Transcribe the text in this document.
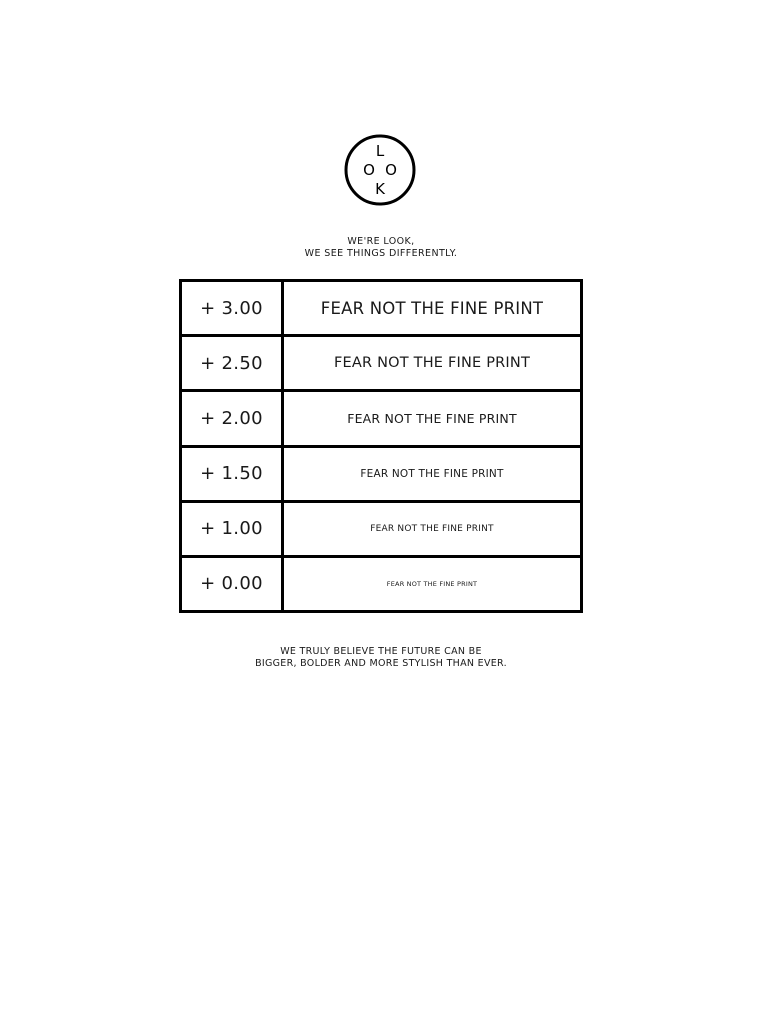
L
O O
K
WE'RE LOOK,
WE SEE THINGS DIFFERENTLY.
+ 3.00	FEAR NOT THE FINE PRINT
+ 2.50	FEAR NOT THE FINE PRINT
+ 2.00	FEAR NOT THE FINE PRINT
+ 1.50	FEAR NOT THE FINE PRINT
+ 1.00	FEAR NOT THE FINE PRINT
+ 0.00	FEAR NOT THE FINE PRINT
WE TRULY BELIEVE THE FUTURE CAN BE
BIGGER, BOLDER AND MORE STYLISH THAN EVER.
